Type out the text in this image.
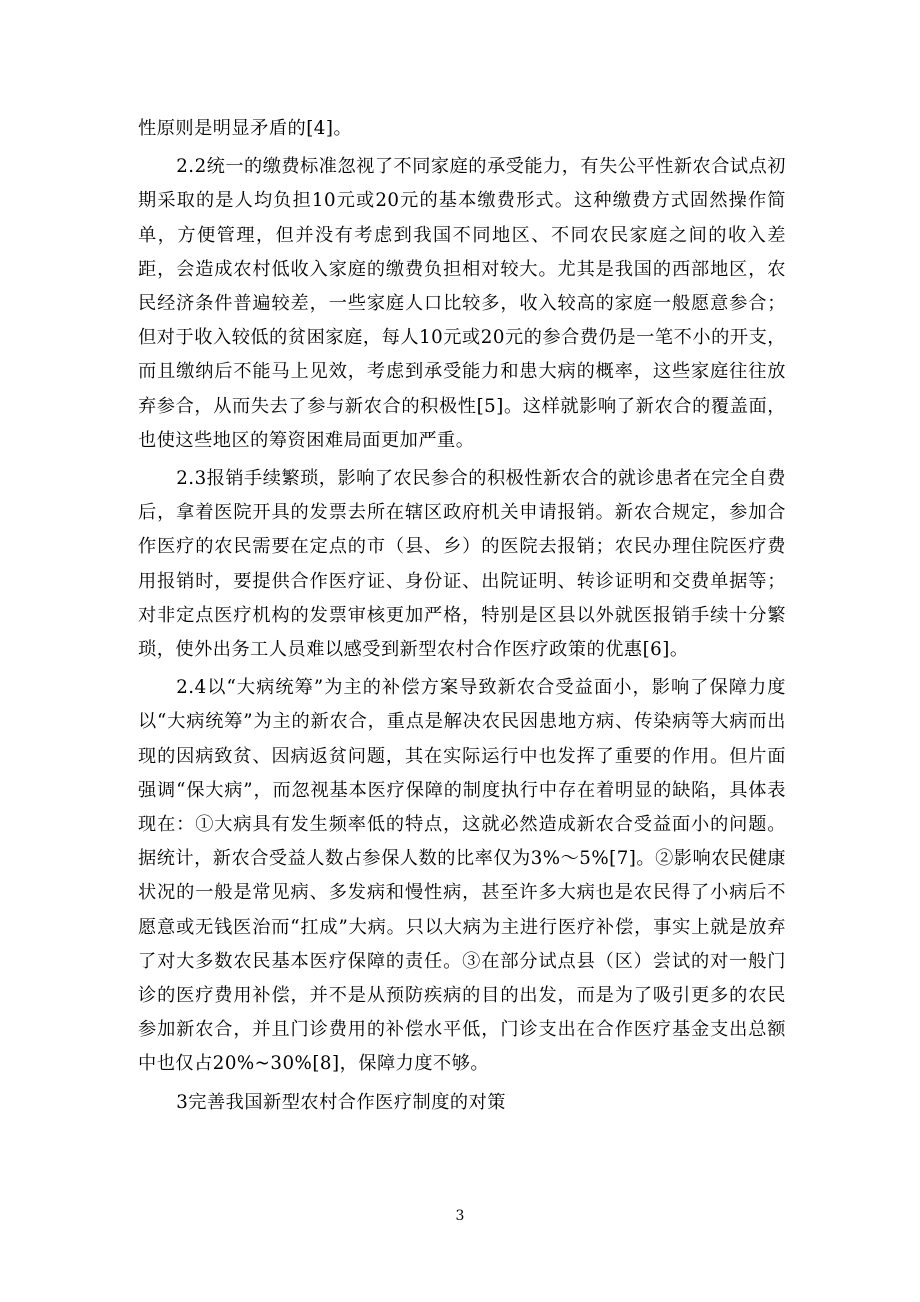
性原则是明显矛盾的[4]。

2.2统一的缴费标准忽视了不同家庭的承受能力，有失公平性新农合试点初期采取的是人均负担10元或20元的基本缴费形式。这种缴费方式固然操作简单，方便管理，但并没有考虑到我国不同地区、不同农民家庭之间的收入差距，会造成农村低收入家庭的缴费负担相对较大。尤其是我国的西部地区，农民经济条件普遍较差，一些家庭人口比较多，收入较高的家庭一般愿意参合；但对于收入较低的贫困家庭，每人10元或20元的参合费仍是一笔不小的开支，而且缴纳后不能马上见效，考虑到承受能力和患大病的概率，这些家庭往往放弃参合，从而失去了参与新农合的积极性[5]。这样就影响了新农合的覆盖面，也使这些地区的筹资困难局面更加严重。

2.3报销手续繁琐，影响了农民参合的积极性新农合的就诊患者在完全自费后，拿着医院开具的发票去所在辖区政府机关申请报销。新农合规定，参加合作医疗的农民需要在定点的市（县、乡）的医院去报销；农民办理住院医疗费用报销时，要提供合作医疗证、身份证、出院证明、转诊证明和交费单据等；对非定点医疗机构的发票审核更加严格，特别是区县以外就医报销手续十分繁琐，使外出务工人员难以感受到新型农村合作医疗政策的优惠[6]。

2.4以“大病统筹”为主的补偿方案导致新农合受益面小，影响了保障力度以“大病统筹”为主的新农合，重点是解决农民因患地方病、传染病等大病而出现的因病致贫、因病返贫问题，其在实际运行中也发挥了重要的作用。但片面强调“保大病”，而忽视基本医疗保障的制度执行中存在着明显的缺陷，具体表现在：①大病具有发生频率低的特点，这就必然造成新农合受益面小的问题。据统计，新农合受益人数占参保人数的比率仅为3%～5%[7]。②影响农民健康状况的一般是常见病、多发病和慢性病，甚至许多大病也是农民得了小病后不愿意或无钱医治而“扛成”大病。只以大病为主进行医疗补偿，事实上就是放弃了对大多数农民基本医疗保障的责任。③在部分试点县（区）尝试的对一般门诊的医疗费用补偿，并不是从预防疾病的目的出发，而是为了吸引更多的农民参加新农合，并且门诊费用的补偿水平低，门诊支出在合作医疗基金支出总额中也仅占20%~30%[8]，保障力度不够。

3完善我国新型农村合作医疗制度的对策

3
